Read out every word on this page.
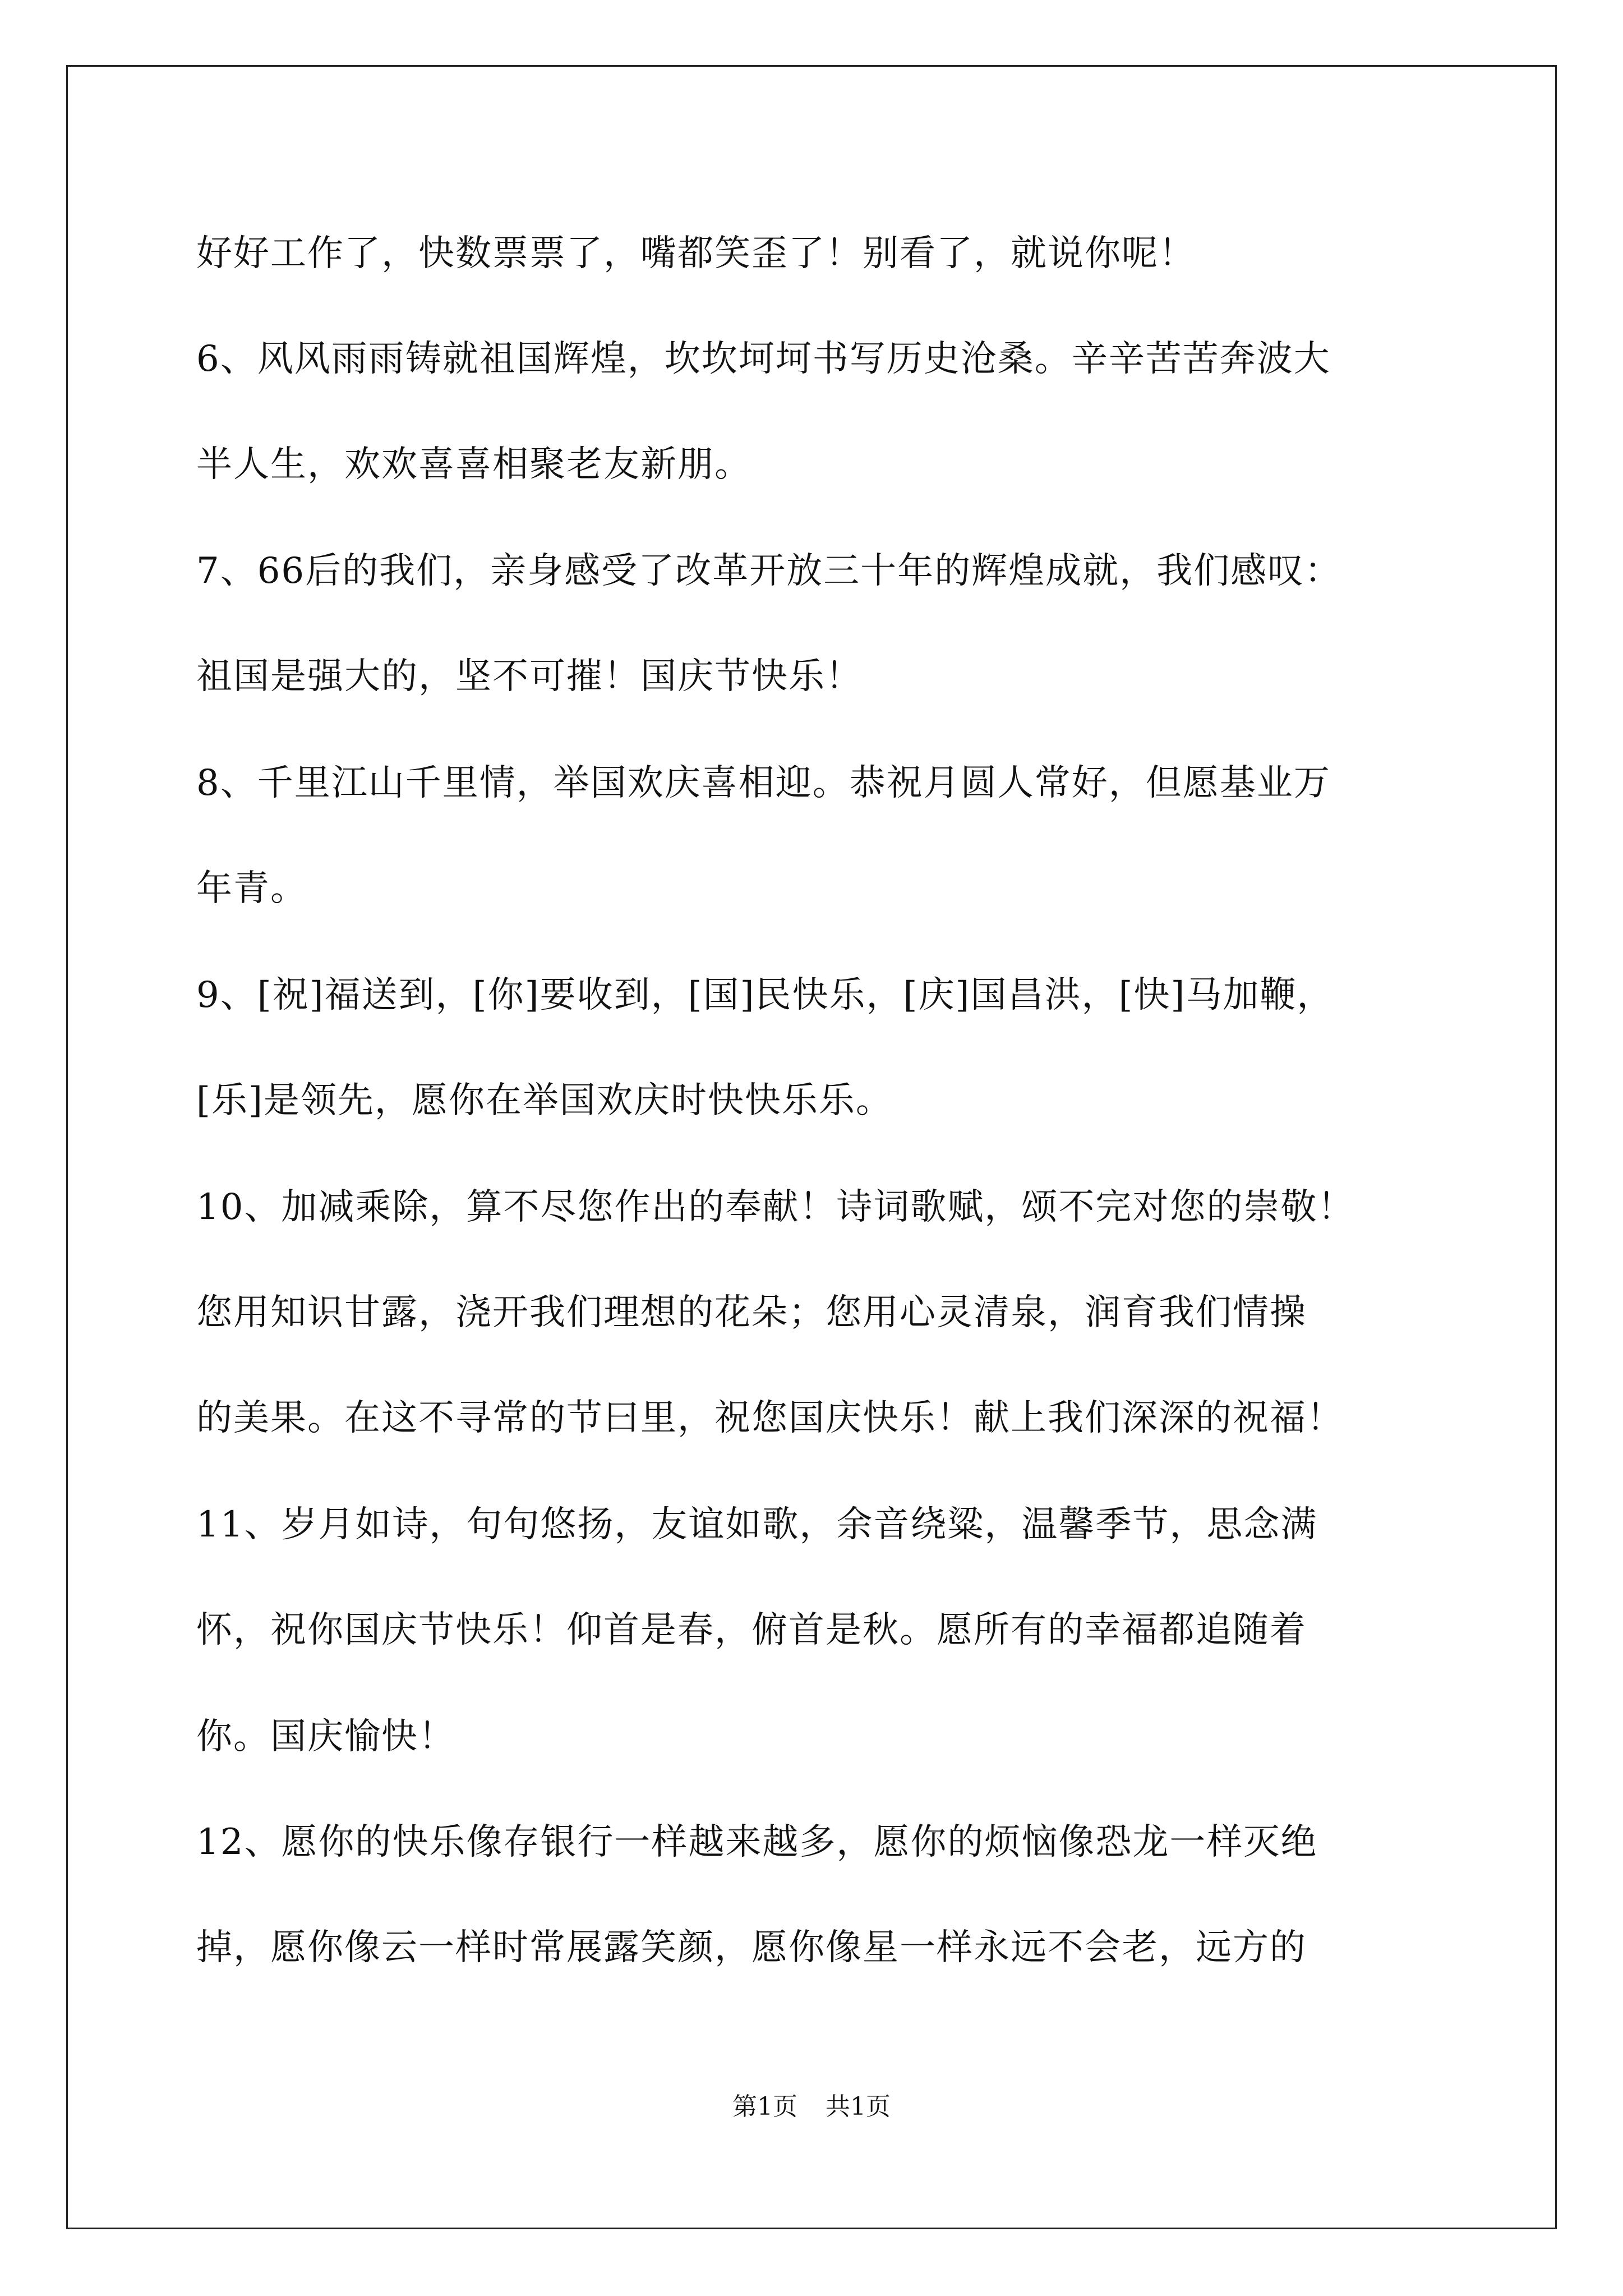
好好工作了，快数票票了，嘴都笑歪了！别看了，就说你呢！
6、风风雨雨铸就祖国辉煌，坎坎坷坷书写历史沧桑。辛辛苦苦奔波大
半人生，欢欢喜喜相聚老友新朋。
7、66后的我们，亲身感受了改革开放三十年的辉煌成就，我们感叹：
祖国是强大的，坚不可摧！国庆节快乐！
8、千里江山千里情，举国欢庆喜相迎。恭祝月圆人常好，但愿基业万
年青。
9、[祝]福送到，[你]要收到，[国]民快乐，[庆]国昌洪，[快]马加鞭，
[乐]是领先，愿你在举国欢庆时快快乐乐。
10、加减乘除，算不尽您作出的奉献！诗词歌赋，颂不完对您的崇敬！
您用知识甘露，浇开我们理想的花朵；您用心灵清泉，润育我们情操
的美果。在这不寻常的节曰里，祝您国庆快乐！献上我们深深的祝福！
11、岁月如诗，句句悠扬，友谊如歌，余音绕粱，温馨季节，思念满
怀，祝你国庆节快乐！仰首是春，俯首是秋。愿所有的幸福都追随着
你。国庆愉快！
12、愿你的快乐像存银行一样越来越多，愿你的烦恼像恐龙一样灭绝
掉，愿你像云一样时常展露笑颜，愿你像星一样永远不会老，远方的
第1页 共1页
